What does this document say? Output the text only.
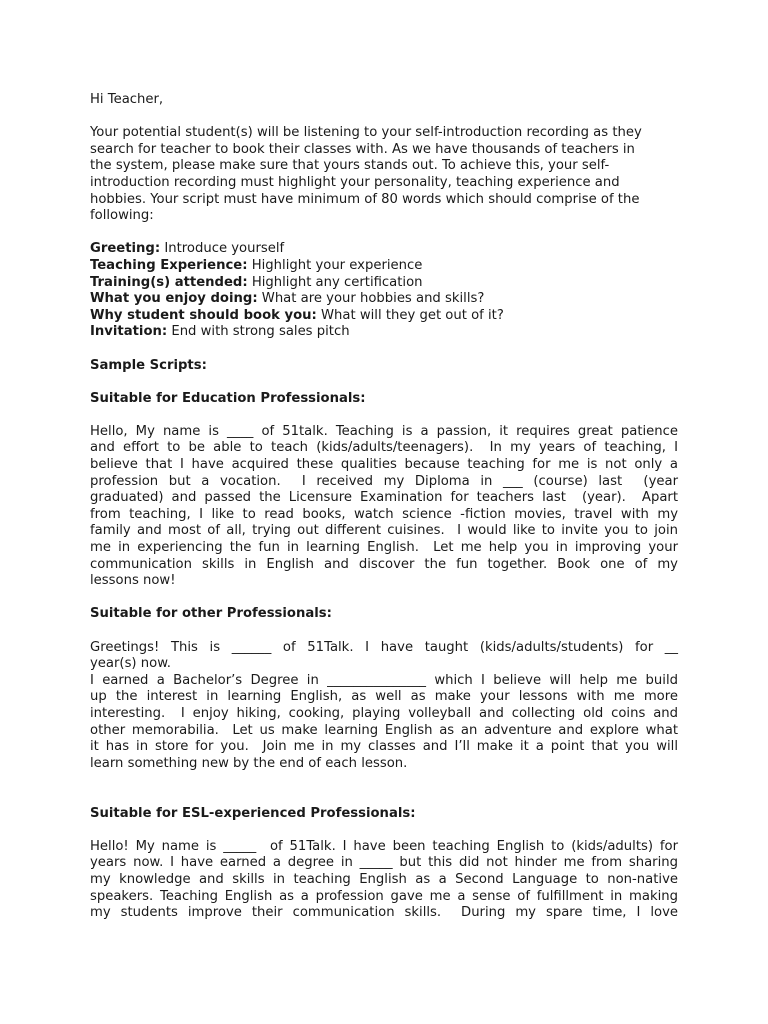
Hi Teacher,

Your potential student(s) will be listening to your self-introduction recording as they
search for teacher to book their classes with. As we have thousands of teachers in
the system, please make sure that yours stands out. To achieve this, your self-
introduction recording must highlight your personality, teaching experience and
hobbies. Your script must have minimum of 80 words which should comprise of the
following:
Greeting: Introduce yourself
Teaching Experience: Highlight your experience
Training(s) attended: Highlight any certification
What you enjoy doing: What are your hobbies and skills?
Why student should book you: What will they get out of it?
Invitation: End with strong sales pitch

Sample Scripts:

Suitable for Education Professionals:

Hello, My name is ____ of 51talk. Teaching is a passion, it requires great patience
and effort to be able to teach (kids/adults/teenagers).  In my years of teaching, I
believe that I have acquired these qualities because teaching for me is not only a
profession but a vocation.  I received my Diploma in ___ (course) last  (year
graduated) and passed the Licensure Examination for teachers last  (year).  Apart
from teaching, I like to read books, watch science -fiction movies, travel with my
family and most of all, trying out different cuisines.  I would like to invite you to join
me in experiencing the fun in learning English.  Let me help you in improving your
communication skills in English and discover the fun together. Book one of my
lessons now!

Suitable for other Professionals:

Greetings!  This  is  ______  of  51Talk.  I  have  taught  (kids/adults/students)  for  __
year(s) now.
I earned a Bachelor’s Degree in _______________ which I believe will help me build
up the interest in learning English, as well as make your lessons with me more
interesting.  I enjoy hiking, cooking, playing volleyball and collecting old coins and
other memorabilia.  Let us make learning English as an adventure and explore what
it has in store for you.  Join me in my classes and I’ll make it a point that you will
learn something new by the end of each lesson.

Suitable for ESL-experienced Professionals:

Hello! My name is _____  of 51Talk. I have been teaching English to (kids/adults) for
years now. I have earned a degree in _____ but this did not hinder me from sharing
my knowledge and skills in teaching English as a Second Language to non-native
speakers. Teaching English as a profession gave me a sense of fulfillment in making
my students improve their communication skills.  During my spare time, I love
